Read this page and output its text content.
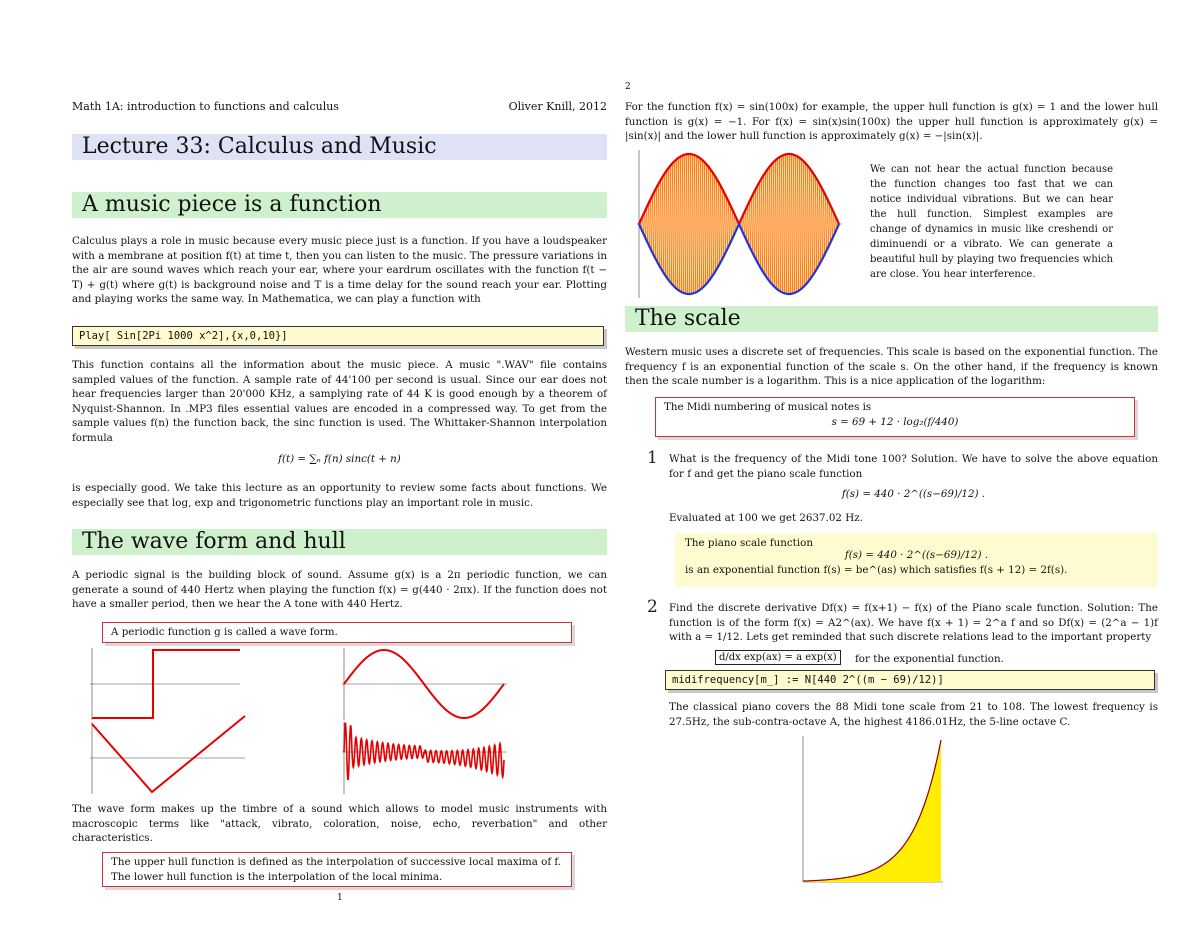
Math 1A: introduction to functions and calculus	Oliver Knill, 2012
Lecture 33: Calculus and Music
A music piece is a function
Calculus plays a role in music because every music piece just is a function. If you have a loudspeaker with a membrane at position f(t) at time t, then you can listen to the music. The pressure variations in the air are sound waves which reach your ear, where your eardrum oscillates with the function f(t − T) + g(t) where g(t) is background noise and T is a time delay for the sound reach your ear. Plotting and playing works the same way. In Mathematica, we can play a function with
Play[ Sin[2Pi 1000 x^2],{x,0,10}]
This function contains all the information about the music piece. A music ".WAV" file contains sampled values of the function. A sample rate of 44'100 per second is usual. Since our ear does not hear frequencies larger than 20'000 KHz, a samplying rate of 44 K is good enough by a theorem of Nyquist-Shannon. In .MP3 files essential values are encoded in a compressed way. To get from the sample values f(n) the function back, the sinc function is used. The Whittaker-Shannon interpolation formula
f(t) = ∑ₙ f(n) sinc(t + n)
is especially good. We take this lecture as an opportunity to review some facts about functions. We especially see that log, exp and trigonometric functions play an important role in music.
The wave form and hull
A periodic signal is the building block of sound. Assume g(x) is a 2π periodic function, we can generate a sound of 440 Hertz when playing the function f(x) = g(440 · 2πx). If the function does not have a smaller period, then we hear the A tone with 440 Hertz.
A periodic function g is called a wave form.
The wave form makes up the timbre of a sound which allows to model music instruments with macroscopic terms like "attack, vibrato, coloration, noise, echo, reverbation" and other characteristics.
The upper hull function is defined as the interpolation of successive local maxima of f. The lower hull function is the interpolation of the local minima.
1
2
For the function f(x) = sin(100x) for example, the upper hull function is g(x) = 1 and the lower hull function is g(x) = −1. For f(x) = sin(x)sin(100x) the upper hull function is approximately g(x) = |sin(x)| and the lower hull function is approximately g(x) = −|sin(x)|.
We can not hear the actual function because the function changes too fast that we can notice individual vibrations. But we can hear the hull function. Simplest examples are change of dynamics in music like creshendi or diminuendi or a vibrato. We can generate a beautiful hull by playing two frequencies which are close. You hear interference.
The scale
Western music uses a discrete set of frequencies. This scale is based on the exponential function. The frequency f is an exponential function of the scale s. On the other hand, if the frequency is known then the scale number is a logarithm. This is a nice application of the logarithm:
The Midi numbering of musical notes is
s = 69 + 12 · log₂(f/440)
1 What is the frequency of the Midi tone 100? Solution. We have to solve the above equation for f and get the piano scale function
f(s) = 440 · 2^((s−69)/12) .
Evaluated at 100 we get 2637.02 Hz.
The piano scale function
f(s) = 440 · 2^((s−69)/12) .
is an exponential function f(s) = be^(as) which satisfies f(s + 12) = 2f(s).
2 Find the discrete derivative Df(x) = f(x+1) − f(x) of the Piano scale function. Solution: The function is of the form f(x) = A2^(ax). We have f(x + 1) = 2^a f and so Df(x) = (2^a − 1)f with a = 1/12. Lets get reminded that such discrete relations lead to the important property
d/dx exp(ax) = a exp(x)	for the exponential function.
midifrequency[m_] := N[440 2^((m − 69)/12)]
The classical piano covers the 88 Midi tone scale from 21 to 108. The lowest frequency is 27.5Hz, the sub-contra-octave A, the highest 4186.01Hz, the 5-line octave C.
